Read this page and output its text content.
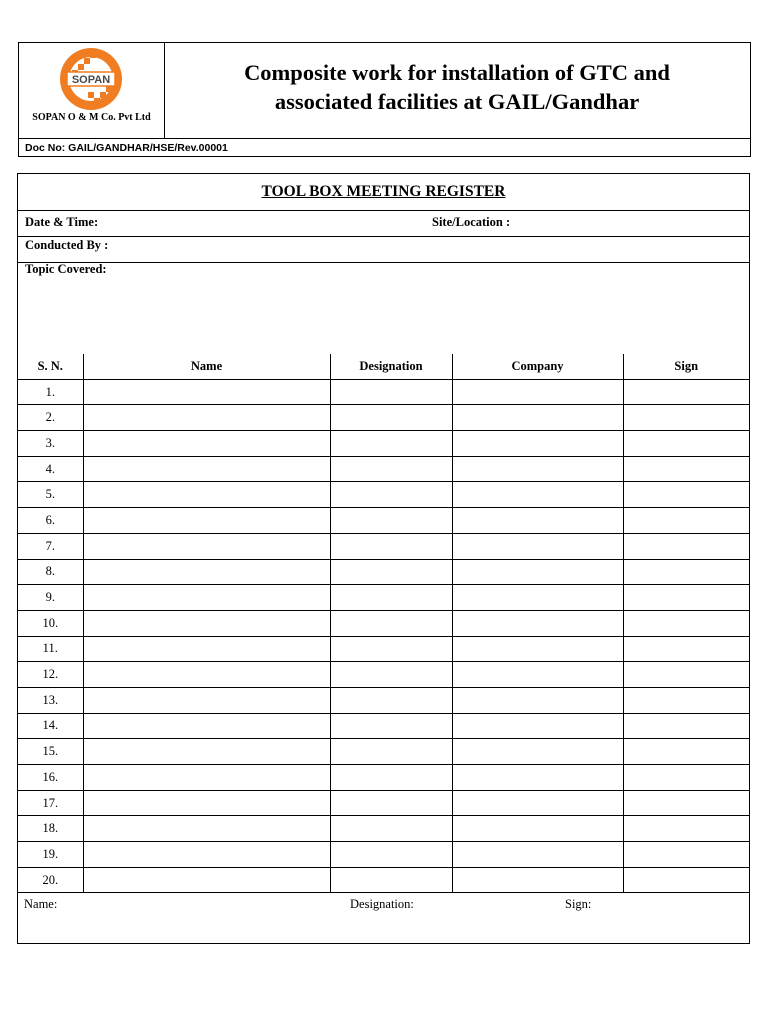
SOPAN
SOPAN O & M Co. Pvt Ltd
Composite work for installation of GTC and associated facilities at GAIL/Gandhar
Doc No: GAIL/GANDHAR/HSE/Rev.00001
TOOL BOX MEETING REGISTER
Date & Time:	Site/Location :
Conducted By :
Topic Covered:
S. N.	Name	Designation	Company	Sign
1.				
2.				
3.				
4.				
5.				
6.				
7.				
8.				
9.				
10.				
11.				
12.				
13.				
14.				
15.				
16.				
17.				
18.				
19.				
20.				
Name:	Designation:	Sign:
